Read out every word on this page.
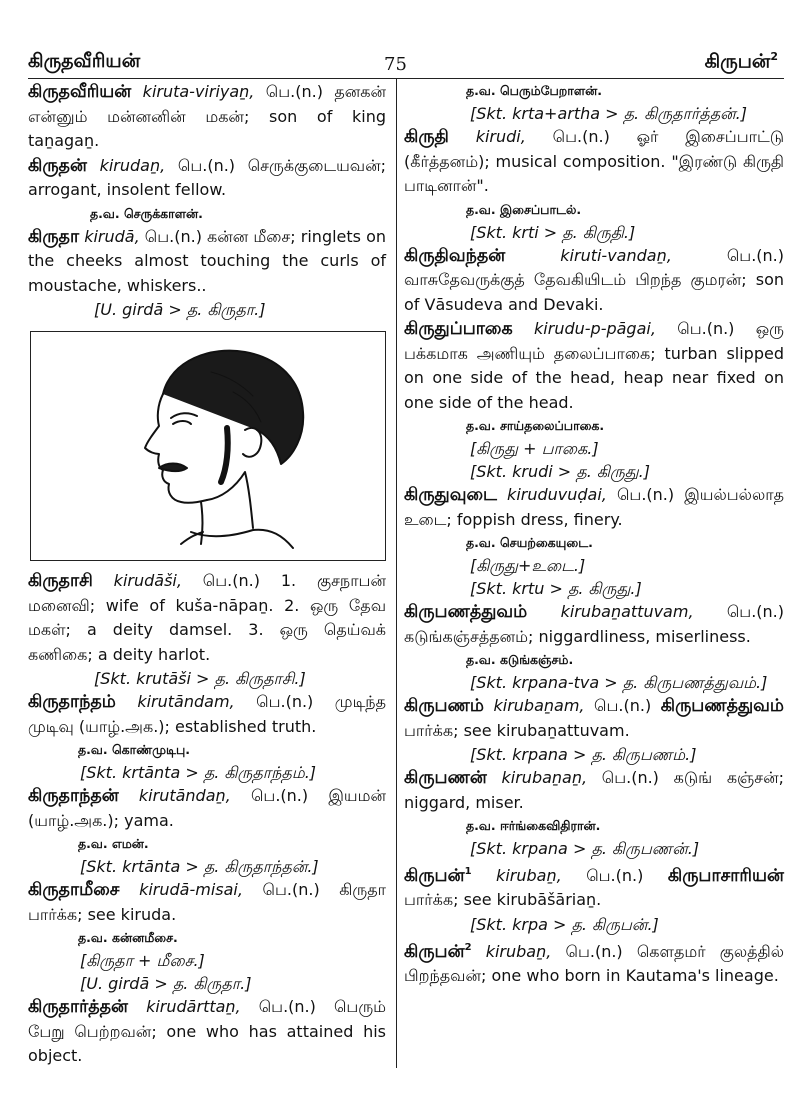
கிருதவீரியன்	75	கிருபன்$^2$

கிருதவீரியன் kiruta-viriyaṉ, பெ.(n.) தனகன் என்னும் மன்னனின் மகன்; son of king taṉagaṉ.

கிருதன் kirudaṉ, பெ.(n.) செருக்குடையவன்; arrogant, insolent fellow.

த.வ. செருக்காளன்.

கிருதா kirudā, பெ.(n.) கன்ன மீசை; ringlets on the cheeks almost touching the curls of moustache, whiskers..

[U. girdā > த. கிருதா.]

கிருதாசி kirudāši, பெ.(n.) 1. குசநாபன் மனைவி; wife of kuša-nāpaṉ. 2. ஒரு தேவ மகள்; a deity damsel. 3. ஒரு தெய்வக் கணிகை; a deity harlot.

[Skt. krutāši > த. கிருதாசி.]

கிருதாந்தம் kirutāndam, பெ.(n.) முடிந்த முடிவு (யாழ்.அக.); established truth.

த.வ. கொண்முடிபு.
[Skt. krtānta > த. கிருதாந்தம்.]

கிருதாந்தன் kirutāndaṉ, பெ.(n.) இயமன் (யாழ்.அக.); yama.

த.வ. எமன்.
[Skt. krtānta > த. கிருதாந்தன்.]

கிருதாமீசை kirudā-misai, பெ.(n.) கிருதா பார்க்க; see kiruda.

த.வ. கன்னமீசை.
[கிருதா + மீசை.]
[U. girdā > த. கிருதா.]

கிருதார்த்தன் kirudārttaṉ, பெ.(n.) பெரும் பேறு பெற்றவன்; one who has attained his object.

த.வ. பெரும்பேறாளன்.
[Skt. krta+artha > த. கிருதார்த்தன்.]

கிருதி kirudi, பெ.(n.) ஓர் இசைப்பாட்டு (கீர்த்தனம்); musical composition. "இரண்டு கிருதி பாடினான்".

த.வ. இசைப்பாடல்.
[Skt. krti > த. கிருதி.]

கிருதிவந்தன்	kiruti-vandaṉ,	பெ.(n.) வாசுதேவருக்குத் தேவகியிடம் பிறந்த குமரன்; son of Vāsudeva and Devaki.

கிருதுப்பாகை kirudu-p-pāgai, பெ.(n.) ஒரு பக்கமாக அணியும் தலைப்பாகை; turban slipped on one side of the head, heap near fixed on one side of the head.

த.வ. சாய்தலைப்பாகை.
[கிருது + பாகை.]
[Skt. krudi > த. கிருது.]

கிருதுவுடை kiruduvuḍai, பெ.(n.) இயல்பல்லாத உடை; foppish dress, finery.

த.வ. செயற்கையுடை.
[கிருது+உடை.]
[Skt. krtu > த. கிருது.]

கிருபணத்துவம் kirubaṉattuvam, பெ.(n.) கடுங்கஞ்சத்தனம்; niggardliness, miserliness.

த.வ. கடுங்கஞ்சம்.
[Skt. krpana-tva > த. கிருபணத்துவம்.]

கிருபணம் kirubaṉam, பெ.(n.) கிருபணத்துவம் பார்க்க; see kirubaṉattuvam.

[Skt. krpana > த. கிருபணம்.]

கிருபணன் kirubaṉaṉ, பெ.(n.) கடுங் கஞ்சன்; niggard, miser.

த.வ. ஈர்ங்கைவிதிரான்.
[Skt. krpana > த. கிருபணன்.]

கிருபன்$^1$ kirubaṉ, பெ.(n.) கிருபாசாரியன் பார்க்க; see kirubāšāriaṉ.

[Skt. krpa > த. கிருபன்.]

கிருபன்$^2$ kirubaṉ, பெ.(n.) கௌதமர் குலத்தில் பிறந்தவன்; one who born in Kautama's lineage.
